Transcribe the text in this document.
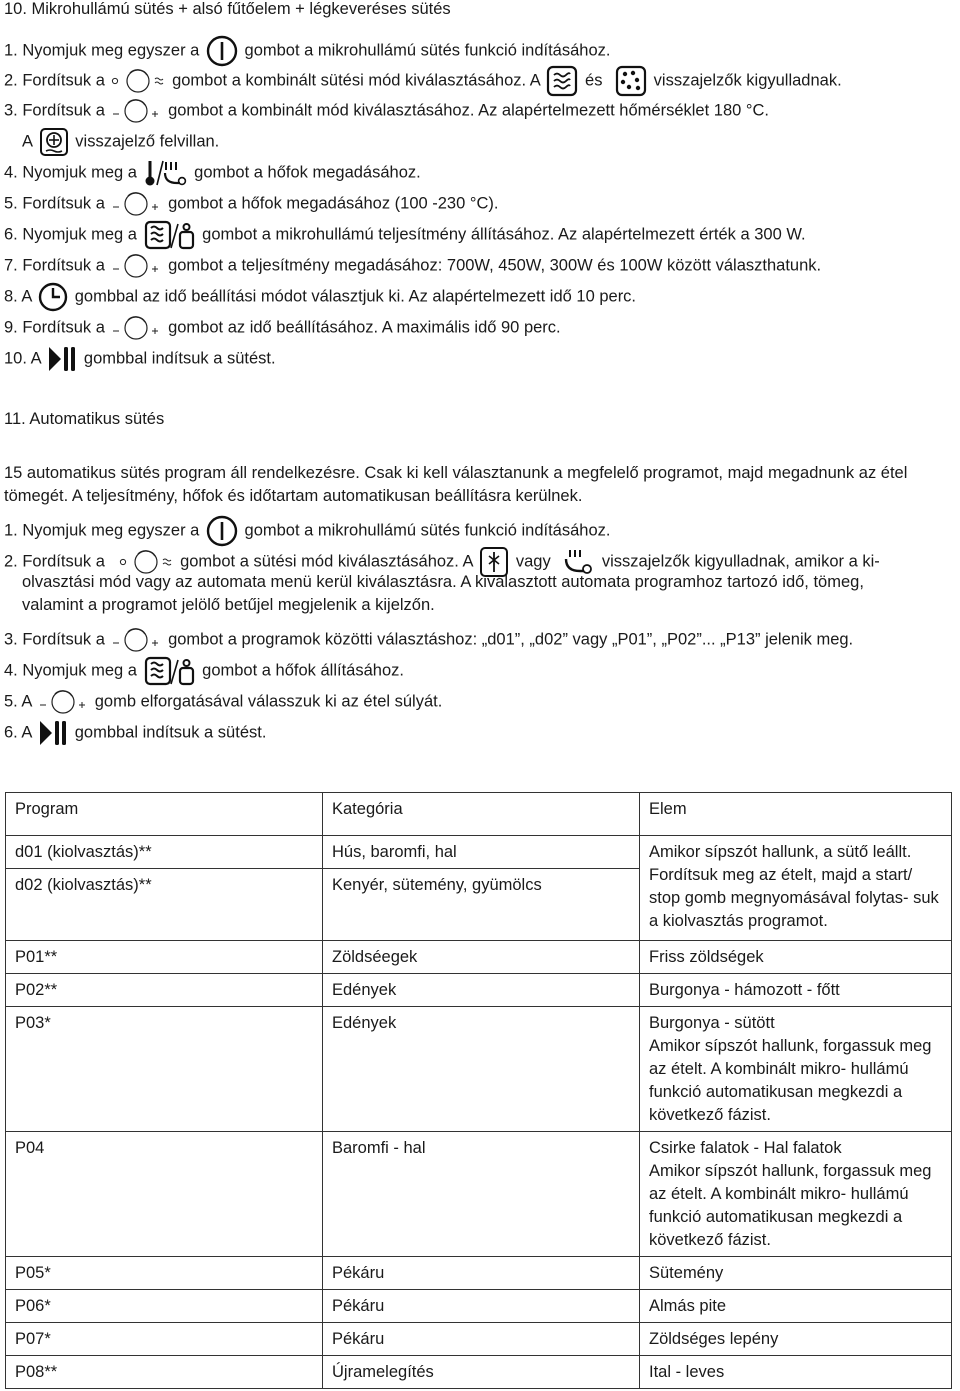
10. Mikrohullámú sütés + alsó fűtőelem + légkeveréses sütés
1. Nyomjuk meg egyszer a	gombot a mikrohullámú sütés funkció indításához.
2. Fordítsuk a	gombot a kombinált sütési mód kiválasztásához. A	és	visszajelzők kigyulladnak.
3. Fordítsuk a	gombot a kombinált mód kiválasztásához. Az alapértelmezett hőmérséklet 180 °C.
A	visszajelző felvillan.
4. Nyomjuk meg a	gombot a hőfok megadásához.
5. Fordítsuk a	gombot a hőfok megadásához (100 -230 °C).
6. Nyomjuk meg a	gombot a mikrohullámú teljesítmény állításához. Az alapértelmezett érték a 300 W.
7. Fordítsuk a	gombot a teljesítmény megadásához: 700W, 450W, 300W és 100W között választhatunk.
8. A	gombbal az idő beállítási módot választjuk ki. Az alapértelmezett idő 10 perc.
9. Fordítsuk a	gombot az idő beállításához. A maximális idő 90 perc.
10. A	gombbal indítsuk a sütést.
11. Automatikus sütés
15 automatikus sütés program áll rendelkezésre. Csak ki kell választanunk a megfelelő programot, majd megadnunk az étel tömegét. A teljesítmény, hőfok és időtartam automatikusan beállításra kerülnek.
1. Nyomjuk meg egyszer a	gombot a mikrohullámú sütés funkció indításához.
2. Fordítsuk a	gombot a sütési mód kiválasztásához. A	vagy	visszajelzők kigyulladnak, amikor a ki-
olvasztási mód vagy az automata menü kerül kiválasztásra. A kiválasztott automata programhoz tartozó idő, tömeg,
valamint a programot jelölő betűjel megjelenik a kijelzőn.
3. Fordítsuk a	gombot a programok közötti választáshoz: „d01”, „d02” vagy „P01”, „P02”... „P13” jelenik meg.
4. Nyomjuk meg a	gombot a hőfok állításához.
5. A	gomb elforgatásával válasszuk ki az étel súlyát.
6. A	gombbal indítsuk a sütést.
Program	Kategória	Elem
d01 (kiolvasztás)**	Hús, baromfi, hal	Amikor sípszót hallunk, a sütő leállt.
Fordítsuk meg az ételt, majd a start/ stop gomb megnyomásával folytas- suk a kiolvasztás programot.

d02 (kiolvasztás)**	Kenyér, sütemény, gyümölcs	
P01**	Zöldséegek	Friss zöldségek
P02**	Edények	Burgonya - hámozott - főtt
P03*	Edények	Burgonya - sütött
Amikor sípszót hallunk, forgassuk meg az ételt. A kombinált mikro- hullámú funkció automatikusan megkezdi a következő fázist.

P04	Baromfi - hal	Csirke falatok - Hal falatok
Amikor sípszót hallunk, forgassuk meg az ételt. A kombinált mikro- hullámú funkció automatikusan megkezdi a következő fázist.

P05*	Pékáru	Sütemény
P06*	Pékáru	Almás pite
P07*	Pékáru	Zöldséges lepény
P08**	Újramelegítés	Ital - leves
